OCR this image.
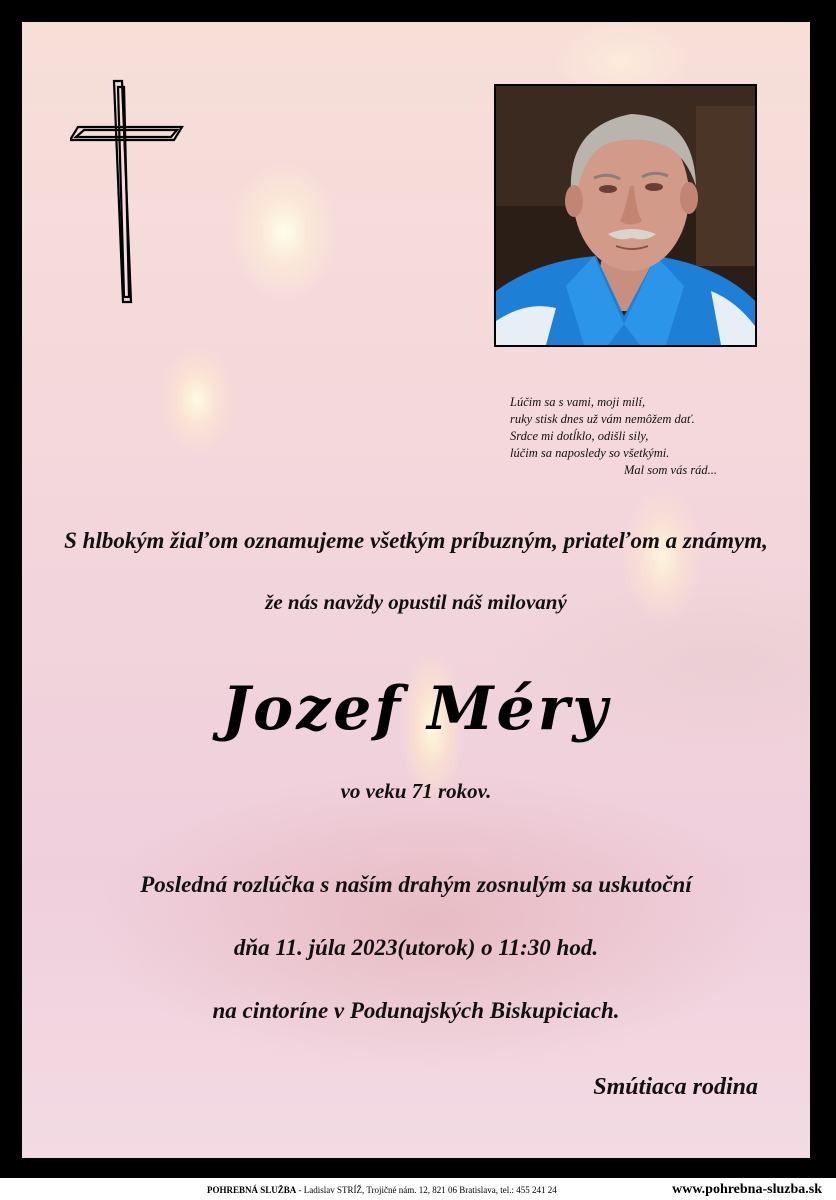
Lúčim sa s vami, moji milí,
ruky stisk dnes už vám nemôžem dať.
Srdce mi dotĺklo, odišli sily,
lúčim sa naposledy so všetkými.
Mal som vás rád...
S hlbokým žiaľom oznamujeme všetkým príbuzným, priateľom a známym,
že nás navždy opustil náš milovaný
Jozef Méry
vo veku 71 rokov.
Posledná rozlúčka s naším drahým zosnulým sa uskutoční
dňa 11. júla 2023(utorok) o 11:30 hod.
na cintoríne v Podunajských Biskupiciach.
Smútiaca rodina
POHREBNÁ SLUŽBA - Ladislav STRÍŽ, Trojičné nám. 12, 821 06 Bratislava, tel.: 455 241 24	www.pohrebna-sluzba.sk
